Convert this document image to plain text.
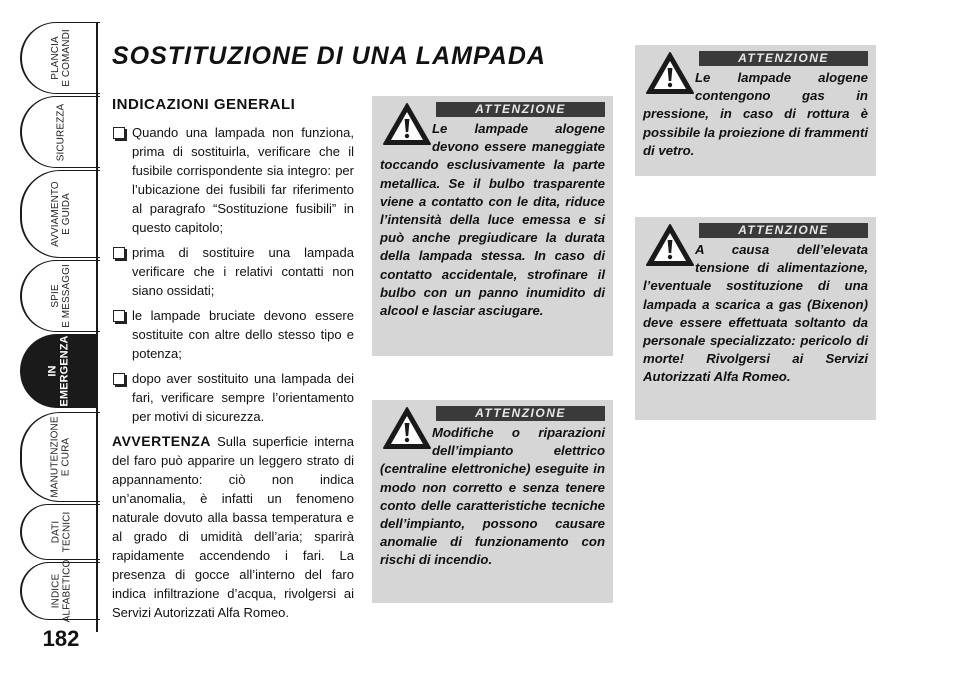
PLANCIA
E COMANDI
SICUREZZA
AVVIAMENTO
E GUIDA
SPIE
E MESSAGGI
IN
EMERGENZA
MANUTENZIONE
E CURA
DATI
TECNICI
INDICE
ALFABETICO
182
SOSTITUZIONE DI UNA LAMPADA
INDICAZIONI GENERALI
Quando una lampada non funziona, prima di sostituirla, verificare che il fusibile corrispondente sia integro: per l’ubicazione dei fusibili far riferimento al paragrafo “Sostituzione fusibili” in questo capitolo;
prima di sostituire una lampada verificare che i relativi contatti non siano ossidati;
le lampade bruciate devono essere sostituite con altre dello stesso tipo e potenza;
dopo aver sostituito una lampada dei fari, verificare sempre l’orientamento per motivi di sicurezza.
AVVERTENZA Sulla superficie interna del faro può apparire un leggero strato di appannamento: ciò non indica un’anomalia, è infatti un fenomeno naturale dovuto alla bassa temperatura e al grado di umidità dell’aria; sparirà rapidamente accendendo i fari. La presenza di gocce all’interno del faro indica infiltrazione d’acqua, rivolgersi ai Servizi Autorizzati Alfa Romeo.
ATTENZIONE
Le lampade alogene devono essere maneggiate toccando esclusivamente la parte metallica. Se il bulbo trasparente viene a contatto con le dita, riduce l’intensità della luce emessa e si può anche pregiudicare la durata della lampada stessa. In caso di contatto accidentale, strofinare il bulbo con un panno inumidito di alcool e lasciar asciugare.
ATTENZIONE
Modifiche o riparazioni dell’impianto elettrico (centraline elettroniche) eseguite in modo non corretto e senza tenere conto delle caratteristiche tecniche dell’impianto, possono causare anomalie di funzionamento con rischi di incendio.
ATTENZIONE
Le lampade alogene contengono gas in pressione, in caso di rottura è possibile la proiezione di frammenti di vetro.
ATTENZIONE
A causa dell’elevata tensione di alimentazione, l’eventuale sostituzione di una lampada a scarica a gas (Bixenon) deve essere effettuata soltanto da personale specializzato: pericolo di morte! Rivolgersi ai Servizi Autorizzati Alfa Romeo.
